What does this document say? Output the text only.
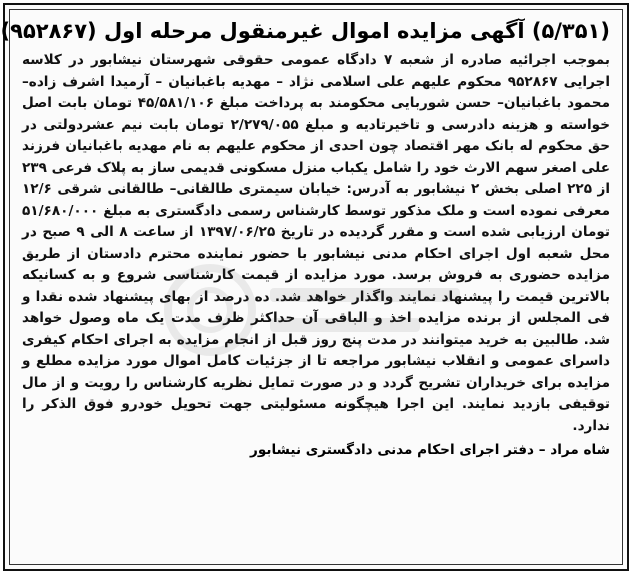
(۵/۳۵۱) آگهی مزایده اموال غیرمنقول مرحله اول (۹۵۲۸۶۷)

بموجب اجرائیه صادره از شعبه ۷ دادگاه عمومی حقوقی شهرستان نیشابور در کلاسه اجرایی ۹۵۲۸۶۷ محکوم علیهم علی اسلامی نژاد – مهدیه باغبانیان – آرمیدا اشرف زاده– محمود باغبانیان– حسن شوربایی محکومند به پرداخت مبلغ ۴۵/۵۸۱/۱۰۶ تومان بابت اصل خواسته و هزینه دادرسی و تاخیرتادیه و مبلغ ۲/۲۷۹/۰۵۵ تومان بابت نیم عشردولتی در حق محکوم له بانک مهر اقتصاد چون احدی از محکوم علیهم به نام مهدیه باغبانیان فرزند علی اصغر سهم الارث خود را شامل یکباب منزل مسکونی قدیمی ساز به پلاک فرعی ۲۳۹ از ۲۲۵ اصلی بخش ۲ نیشابور به آدرس: خیابان سیمتری طالقانی– طالقانی شرقی ۱۲/۶ معرفی نموده است و ملک مذکور توسط کارشناس رسمی دادگستری به مبلغ ۵۱/۶۸۰/۰۰۰ تومان ارزیابی شده است و مقرر گردیده در تاریخ ۱۳۹۷/۰۶/۲۵ از ساعت ۸ الی ۹ صبح در محل شعبه اول اجرای احکام مدنی نیشابور با حضور نماینده محترم دادستان از طریق مزایده حضوری به فروش برسد. مورد مزایده از قیمت کارشناسی شروع و به کسانیکه بالاترین قیمت را پیشنهاد نمایند واگذار خواهد شد. ده درصد از بهای پیشنهاد شده نقدا و فی المجلس از برنده مزایده اخذ و الباقی آن حداکثر ظرف مدت یک ماه وصول خواهد شد. طالبین به خرید میتوانند در مدت پنج روز قبل از انجام مزایده به اجرای احکام کیفری داسرای عمومی و انقلاب نیشابور مراجعه تا از جزئیات کامل اموال مورد مزایده مطلع و مزایده برای خریداران تشریح گردد و در صورت تمایل نظریه کارشناس را رویت و از مال توقیفی بازدید نمایند. این اجرا هیچگونه مسئولیتی جهت تحویل خودرو فوق الذکر را ندارد.

شاه مراد – دفتر اجرای احکام مدنی دادگستری نیشابور
